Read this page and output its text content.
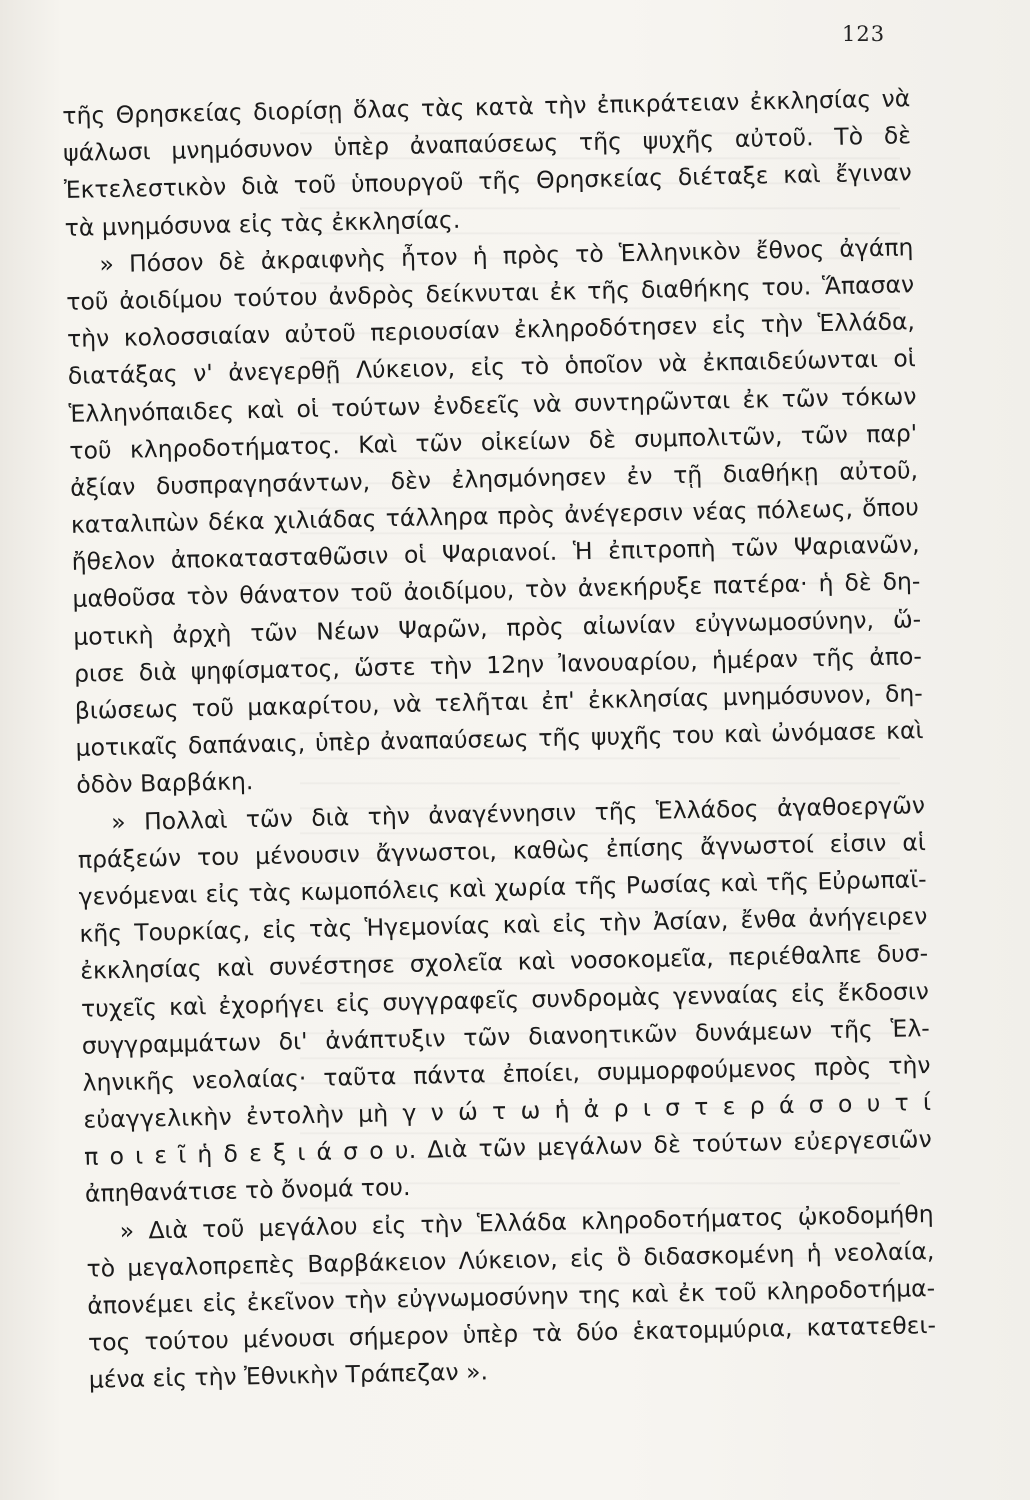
123
τῆς Θρησκείας διορίσῃ ὅλας τὰς κατὰ τὴν ἐπικράτειαν ἐκκλησίας νὰ
ψάλωσι μνημόσυνον ὑπὲρ ἀναπαύσεως τῆς ψυχῆς αὐτοῦ. Τὸ δὲ
Ἐκτελεστικὸν διὰ τοῦ ὑπουργοῦ τῆς Θρησκείας διέταξε καὶ ἔγιναν
τὰ μνημόσυνα εἰς τὰς ἐκκλησίας.
» Πόσον δὲ ἀκραιφνὴς ἦτον ἡ πρὸς τὸ Ἑλληνικὸν ἔθνος ἀγάπη
τοῦ ἀοιδίμου τούτου ἀνδρὸς δείκνυται ἐκ τῆς διαθήκης του. Ἅπασαν
τὴν κολοσσιαίαν αὐτοῦ περιουσίαν ἐκληροδότησεν εἰς τὴν Ἑλλάδα,
διατάξας ν' ἀνεγερθῇ Λύκειον, εἰς τὸ ὁποῖον νὰ ἐκπαιδεύωνται οἱ
Ἑλληνόπαιδες καὶ οἱ τούτων ἐνδεεῖς νὰ συντηρῶνται ἐκ τῶν τόκων
τοῦ κληροδοτήματος. Καὶ τῶν οἰκείων δὲ συμπολιτῶν, τῶν παρ'
ἀξίαν δυσπραγησάντων, δὲν ἐλησμόνησεν ἐν τῇ διαθήκῃ αὐτοῦ,
καταλιπὼν δέκα χιλιάδας τάλληρα πρὸς ἀνέγερσιν νέας πόλεως, ὅπου
ἤθελον ἀποκατασταθῶσιν οἱ Ψαριανοί. Ἡ ἐπιτροπὴ τῶν Ψαριανῶν,
μαθοῦσα τὸν θάνατον τοῦ ἀοιδίμου, τὸν ἀνεκήρυξε πατέρα· ἡ δὲ δη-
μοτικὴ ἀρχὴ τῶν Νέων Ψαρῶν, πρὸς αἰωνίαν εὐγνωμοσύνην, ὥ-
ρισε διὰ ψηφίσματος, ὥστε τὴν 12ην Ἰανουαρίου, ἡμέραν τῆς ἀπο-
βιώσεως τοῦ μακαρίτου, νὰ τελῆται ἐπ' ἐκκλησίας μνημόσυνον, δη-
μοτικαῖς δαπάναις, ὑπὲρ ἀναπαύσεως τῆς ψυχῆς του καὶ ὠνόμασε καὶ
ὁδὸν Βαρβάκη.
» Πολλαὶ τῶν διὰ τὴν ἀναγέννησιν τῆς Ἑλλάδος ἀγαθοεργῶν
πράξεών του μένουσιν ἄγνωστοι, καθὼς ἐπίσης ἄγνωστοί εἰσιν αἱ
γενόμεναι εἰς τὰς κωμοπόλεις καὶ χωρία τῆς Ρωσίας καὶ τῆς Εὐρωπαϊ-
κῆς Τουρκίας, εἰς τὰς Ἡγεμονίας καὶ εἰς τὴν Ἀσίαν, ἔνθα ἀνήγειρεν
ἐκκλησίας καὶ συνέστησε σχολεῖα καὶ νοσοκομεῖα, περιέθαλπε δυσ-
τυχεῖς καὶ ἐχορήγει εἰς συγγραφεῖς συνδρομὰς γενναίας εἰς ἔκδοσιν
συγγραμμάτων δι' ἀνάπτυξιν τῶν διανοητικῶν δυνάμεων τῆς Ἑλ-
ληνικῆς νεολαίας· ταῦτα πάντα ἐποίει, συμμορφούμενος πρὸς τὴν
εὐαγγελικὴν ἐντολὴν μὴ γ ν ώ τ ω ἡ ἀ ρ ι σ τ ε ρ ά σ ο υ τ ί
π ο ι ε ῖ ἡ δ ε ξ ι ά σ ο υ. Διὰ τῶν μεγάλων δὲ τούτων εὐεργεσιῶν
ἀπηθανάτισε τὸ ὄνομά του.
» Διὰ τοῦ μεγάλου εἰς τὴν Ἑλλάδα κληροδοτήματος ᾠκοδομήθη
τὸ μεγαλοπρεπὲς Βαρβάκειον Λύκειον, εἰς ὃ διδασκομένη ἡ νεολαία,
ἀπονέμει εἰς ἐκεῖνον τὴν εὐγνωμοσύνην της καὶ ἐκ τοῦ κληροδοτήμα-
τος τούτου μένουσι σήμερον ὑπὲρ τὰ δύο ἑκατομμύρια, κατατεθει-
μένα εἰς τὴν Ἐθνικὴν Τράπεζαν ».
